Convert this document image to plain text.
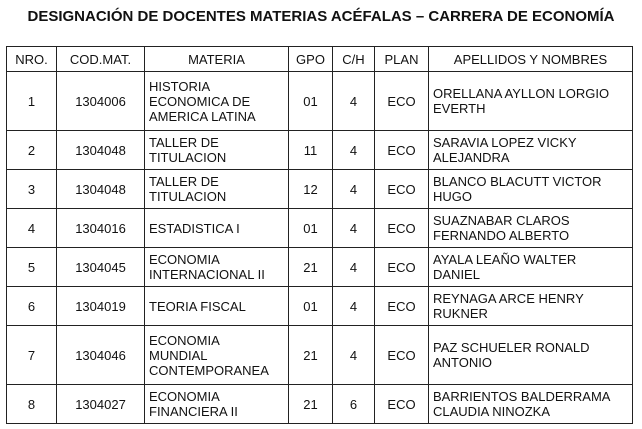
DESIGNACIÓN DE DOCENTES MATERIAS ACÉFALAS – CARRERA DE ECONOMÍA
NRO.	COD.MAT.	MATERIA	GPO	C/H	PLAN	APELLIDOS Y NOMBRES
1	1304006	HISTORIA
ECONOMICA DE
AMERICA LATINA	01	4	ECO	ORELLANA AYLLON LORGIO
EVERTH

2	1304048	TALLER DE
TITULACION	11	4	ECO	SARAVIA LOPEZ VICKY
ALEJANDRA

3	1304048	TALLER DE
TITULACION	12	4	ECO	BLANCO BLACUTT VICTOR
HUGO

4	1304016	ESTADISTICA I	01	4	ECO	SUAZNABAR CLAROS
FERNANDO ALBERTO

5	1304045	ECONOMIA
INTERNACIONAL II	21	4	ECO	AYALA LEAÑO WALTER
DANIEL

6	1304019	TEORIA FISCAL	01	4	ECO	REYNAGA ARCE HENRY
RUKNER

7	1304046	ECONOMIA
MUNDIAL
CONTEMPORANEA	21	4	ECO	PAZ SCHUELER RONALD
ANTONIO

8	1304027	ECONOMIA
FINANCIERA II	21	6	ECO	BARRIENTOS BALDERRAMA
CLAUDIA NINOZKA
